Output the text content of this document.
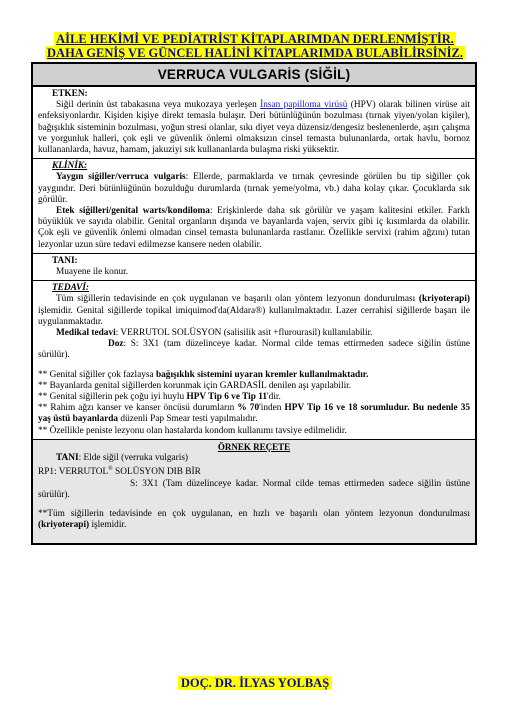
AİLE HEKİMİ VE PEDİATRİST KİTAPLARIMDAN DERLENMİŞTİR.
DAHA GENİŞ VE GÜNCEL HALİNİ KİTAPLARIMDA BULABİLİRSİNİZ.
VERRUCA VULGARİS (SİĞİL)
ETKEN:

Siğil derinin üst tabakasına veya mukozaya yerleşen İnsan papilloma virüsü (HPV) olarak bilinen virüse ait enfeksiyonlardır. Kişiden kişiye direkt temasla bulaşır. Deri bütünlüğünün bozulması (tırnak yiyen/yolan kişiler), bağışıklık sisteminin bozulması, yoğun stresi olanlar, sıkı diyet veya düzensiz/dengesiz beslenenlerde, aşırı çalışma ve yorgunluk halleri, çok eşli ve güvenlik önlemi olmaksızın cinsel temasta bulunanlarda, ortak havlu, bornoz kullananlarda, havuz, hamam, jakuziyi sık kullananlarda bulaşma riski yüksektir.

KLİNİK:

Yaygın siğiller/verruca vulgaris: Ellerde, parmaklarda ve tırnak çevresinde görülen bu tip siğiller çok yaygındır. Deri bütünlüğünün bozulduğu durumlarda (tırnak yeme/yolma, vb.) daha kolay çıkar. Çocuklarda sık görülür.

Etek siğilleri/genital warts/kondiloma: Erişkinlerde daha sık görülür ve yaşam kalitesini etkiler. Farklı büyüklük ve sayıda olabilir. Genital organların dışında ve bayanlarda vajen, servix gibi iç kısımlarda da olabilir. Çok eşli ve güvenlik önlemi olmadan cinsel temasta bulunanlarda rastlanır. Özellikle servixi (rahim ağzını) tutan lezyonlar uzun süre tedavi edilmezse kansere neden olabilir.

TANI:

Muayene ile konur.

TEDAVİ:

Tüm siğillerin tedavisinde en çok uygulanan ve başarılı olan yöntem lezyonun dondurulması (kriyoterapi) işlemidir. Genital siğillerde topikal imiquimod'da(Aldara®) kullanılmaktadır. Lazer cerrahisi siğillerde başarı ile uygulanmaktadır.

Medikal tedavi: VERRUTOL SOLÜSYON (salisilik asit +flurourasil) kullanılabilir.

Doz: S: 3X1 (tam düzelinceye kadar. Normal cilde temas ettirmeden sadece siğilin üstüne sürülür).

** Genital siğiller çok fazlaysa bağışıklık sistemini uyaran kremler kullanılmaktadır.

** Bayanlarda genital siğillerden korunmak için GARDASİL denilen aşı yapılabilir.

** Genital siğillerin pek çoğu iyi huylu HPV Tip 6 ve Tip 11'dir.

** Rahim ağzı kanser ve kanser öncüsü durumların % 70'inden HPV Tip 16 ve 18 sorumludur. Bu nedenle 35 yaş üstü bayanlarda düzenli Pap Smear testi yapılmalıdır.

** Özellikle peniste lezyonu olan hastalarda kondom kullanımı tavsiye edilmelidir.

ÖRNEK REÇETE

TANI: Elde siğil (verruka vulgaris)

RP1: VERRUTOL® SOLÜSYON DIB BİR

S: 3X1 (Tam düzelinceye kadar. Normal cilde temas ettirmeden sadece siğilin üstüne sürülür).

**Tüm siğillerin tedavisinde en çok uygulanan, en hızlı ve başarılı olan yöntem lezyonun dondurulması (kriyoterapi) işlemidir.

DOÇ. DR. İLYAS YOLBAŞ
